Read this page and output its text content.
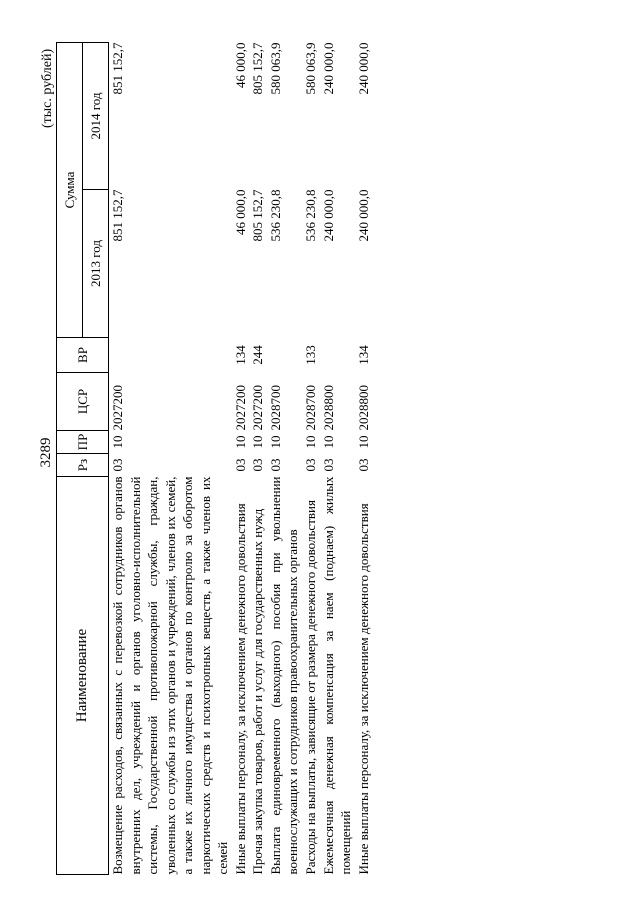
3289
(тыс. рублей)
Наименование	Рз	ПР	ЦСР	ВР	Сумма	
					2013 год	2014 год
Возмещение расходов, связанных с перевозкой сотрудников органов внутренних дел, учреждений и органов уголовно-исполнительной системы, Государственной противопожарной службы, граждан, уволенных со службы из этих органов и учреждений, членов их семей, а также их личного имущества и органов по контролю за оборотом наркотических средств и психотропных веществ, а также членов их семей	03	10	2027200		851 152,7	851 152,7
Иные выплаты персоналу, за исключением денежного довольствия	03	10	2027200	134	46 000,0	46 000,0
Прочая закупка товаров, работ и услуг для государственных нужд	03	10	2027200	244	805 152,7	805 152,7
Выплата единовременного (выходного) пособия при увольнении военнослужащих и сотрудников правоохранительных органов	03	10	2028700		536 230,8	580 063,9
Расходы на выплаты, зависящие от размера денежного довольствия	03	10	2028700	133	536 230,8	580 063,9
Ежемесячная денежная компенсация за наем (поднаем) жилых помещений	03	10	2028800		240 000,0	240 000,0
Иные выплаты персоналу, за исключением денежного довольствия	03	10	2028800	134	240 000,0	240 000,0
